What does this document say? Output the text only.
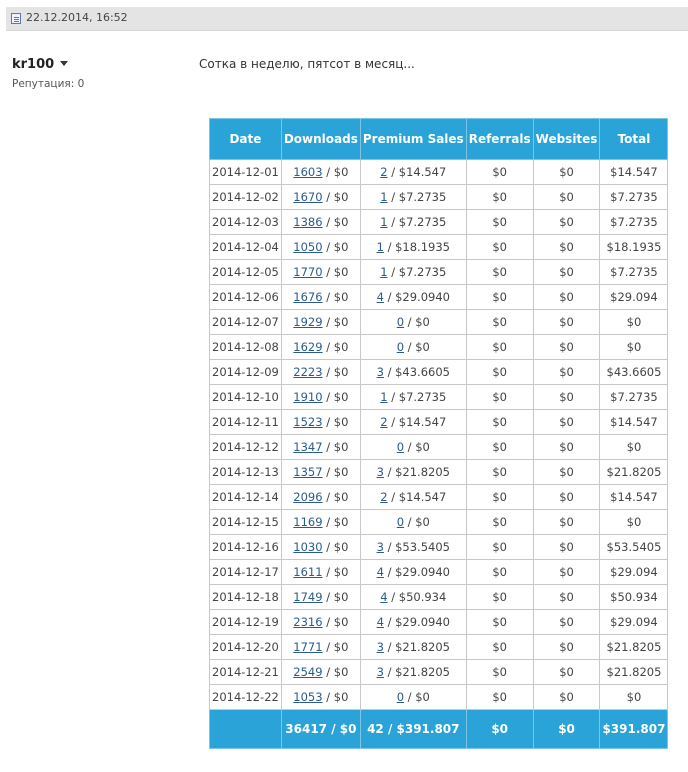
22.12.2014, 16:52
kr100
Репутация: 0
Сотка в неделю, пятсот в месяц...
Date	Downloads	Premium Sales	Referrals	Websites	Total
2014-12-01	1603 / $0	2 / $14.547	$0	$0	$14.547
2014-12-02	1670 / $0	1 / $7.2735	$0	$0	$7.2735
2014-12-03	1386 / $0	1 / $7.2735	$0	$0	$7.2735
2014-12-04	1050 / $0	1 / $18.1935	$0	$0	$18.1935
2014-12-05	1770 / $0	1 / $7.2735	$0	$0	$7.2735
2014-12-06	1676 / $0	4 / $29.0940	$0	$0	$29.094
2014-12-07	1929 / $0	0 / $0	$0	$0	$0
2014-12-08	1629 / $0	0 / $0	$0	$0	$0
2014-12-09	2223 / $0	3 / $43.6605	$0	$0	$43.6605
2014-12-10	1910 / $0	1 / $7.2735	$0	$0	$7.2735
2014-12-11	1523 / $0	2 / $14.547	$0	$0	$14.547
2014-12-12	1347 / $0	0 / $0	$0	$0	$0
2014-12-13	1357 / $0	3 / $21.8205	$0	$0	$21.8205
2014-12-14	2096 / $0	2 / $14.547	$0	$0	$14.547
2014-12-15	1169 / $0	0 / $0	$0	$0	$0
2014-12-16	1030 / $0	3 / $53.5405	$0	$0	$53.5405
2014-12-17	1611 / $0	4 / $29.0940	$0	$0	$29.094
2014-12-18	1749 / $0	4 / $50.934	$0	$0	$50.934
2014-12-19	2316 / $0	4 / $29.0940	$0	$0	$29.094
2014-12-20	1771 / $0	3 / $21.8205	$0	$0	$21.8205
2014-12-21	2549 / $0	3 / $21.8205	$0	$0	$21.8205
2014-12-22	1053 / $0	0 / $0	$0	$0	$0
	36417 / $0	42 / $391.807	$0	$0	$391.807
